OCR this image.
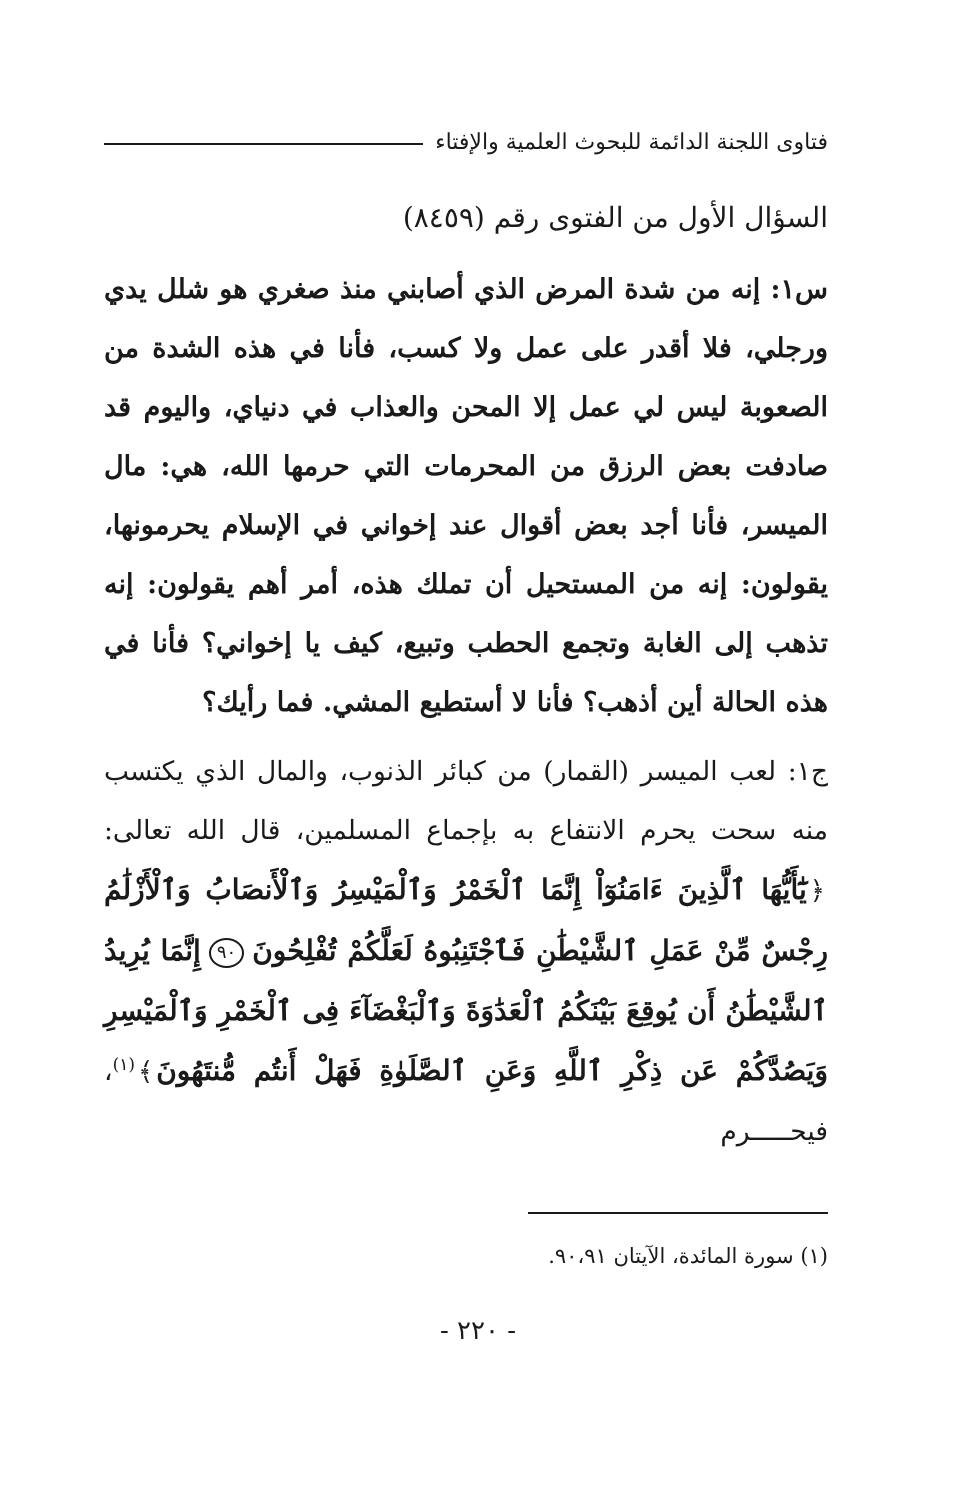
فتاوى اللجنة الدائمة للبحوث العلمية والإفتاء

السؤال الأول من الفتوى رقم (٨٤٥٩)

س١: إنه من شدة المرض الذي أصابني منذ صغري هو شلل يدي ورجلي، فلا أقدر على عمل ولا كسب، فأنا في هذه الشدة من الصعوبة ليس لي عمل إلا المحن والعذاب في دنياي، واليوم قد صادفت بعض الرزق من المحرمات التي حرمها الله، هي: مال الميسر، فأنا أجد بعض أقوال عند إخواني في الإسلام يحرمونها، يقولون: إنه من المستحيل أن تملك هذه، أمر أهم يقولون: إنه تذهب إلى الغابة وتجمع الحطب وتبيع، كيف يا إخواني؟ فأنا في هذه الحالة أين أذهب؟ فأنا لا أستطيع المشي. فما رأيك؟

ج١: لعب الميسر (القمار) من كبائر الذنوب، والمال الذي يكتسب منه سحت يحرم الانتفاع به بإجماع المسلمين، قال الله تعالى: ﴿يَٰٓأَيُّهَا ٱلَّذِينَ ءَامَنُوٓاْ إِنَّمَا ٱلْخَمْرُ وَٱلْمَيْسِرُ وَٱلْأَنصَابُ وَٱلْأَزْلَٰمُ رِجْسٌ مِّنْ عَمَلِ ٱلشَّيْطَٰنِ فَٱجْتَنِبُوهُ لَعَلَّكُمْ تُفْلِحُونَ٩٠إِنَّمَا يُرِيدُ ٱلشَّيْطَٰنُ أَن يُوقِعَ بَيْنَكُمُ ٱلْعَدَٰوَةَ وَٱلْبَغْضَآءَ فِى ٱلْخَمْرِ وَٱلْمَيْسِرِ وَيَصُدَّكُمْ عَن ذِكْرِ ٱللَّهِ وَعَنِ ٱلصَّلَوٰةِ فَهَلْ أَنتُم مُّنتَهُونَ﴾$^{(١)}$، فيحـــــرم

(١) سورة المائدة، الآيتان ٩٠،٩١.
- ٢٢٠ -
